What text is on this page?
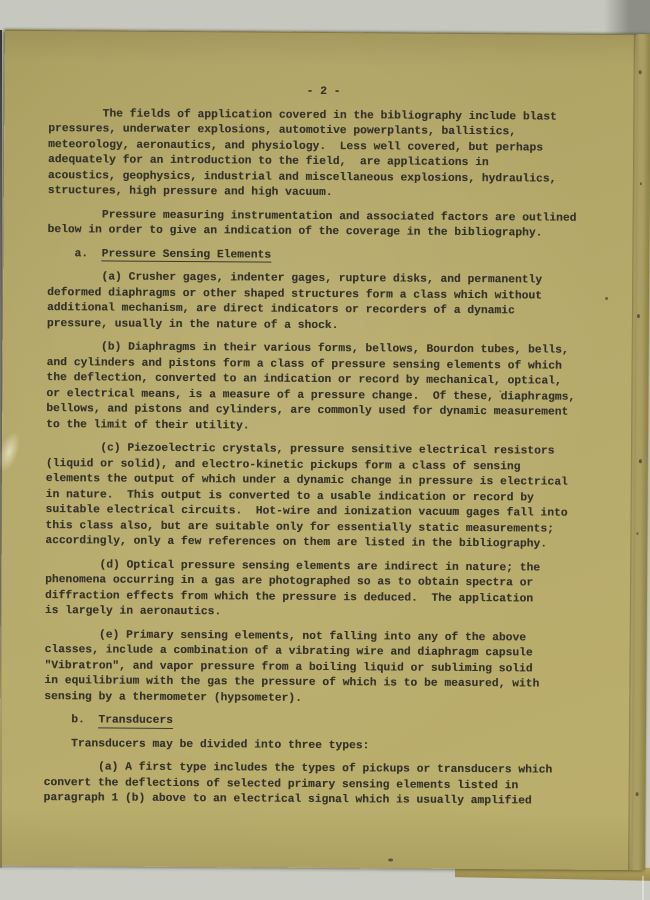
- 2 -
The fields of application covered in the bibliography include blast
pressures, underwater explosions, automotive powerplants, ballistics,
meteorology, aeronautics, and physiology.  Less well covered, but perhaps
adequately for an introduction to the field,  are applications in
acoustics, geophysics, industrial and miscellaneous explosions, hydraulics,
structures, high pressure and high vacuum.
Pressure measuring instrumentation and associated factors are outlined
below in order to give an indication of the coverage in the bibliography.
a.  Pressure Sensing Elements
(a) Crusher gages, indenter gages, rupture disks, and permanently
deformed diaphragms or other shaped structures form a class which without
additional mechanism, are direct indicators or recorders of a dynamic
pressure, usually in the nature of a shock.
(b) Diaphragms in their various forms, bellows, Bourdon tubes, bells,
and cylinders and pistons form a class of pressure sensing elements of which
the deflection, converted to an indication or record by mechanical, optical,
or electrical means, is a measure of a pressure change.  Of these, diaphragms,
bellows, and pistons and cylinders, are commonly used for dynamic measurement
to the limit of their utility.
(c) Piezoelectric crystals, pressure sensitive electrical resistors
(liquid or solid), and electro-kinetic pickups form a class of sensing
elements the output of which under a dynamic change in pressure is electrical
in nature.  This output is converted to a usable indication or record by
suitable electrical circuits.  Hot-wire and ionization vacuum gages fall into
this class also, but are suitable only for essentially static measurements;
accordingly, only a few references on them are listed in the bibliography.
(d) Optical pressure sensing elements are indirect in nature; the
phenomena occurring in a gas are photographed so as to obtain spectra or
diffraction effects from which the pressure is deduced.  The application
is largely in aeronautics.
(e) Primary sensing elements, not falling into any of the above
classes, include a combination of a vibrating wire and diaphragm capsule
"Vibratron", and vapor pressure from a boiling liquid or subliming solid
in equilibrium with the gas the pressure of which is to be measured, with
sensing by a thermometer (hypsometer).
b.  Transducers
Transducers may be divided into three types:
(a) A first type includes the types of pickups or transducers which
convert the deflections of selected primary sensing elements listed in
paragraph 1 (b) above to an electrical signal which is usually amplified
